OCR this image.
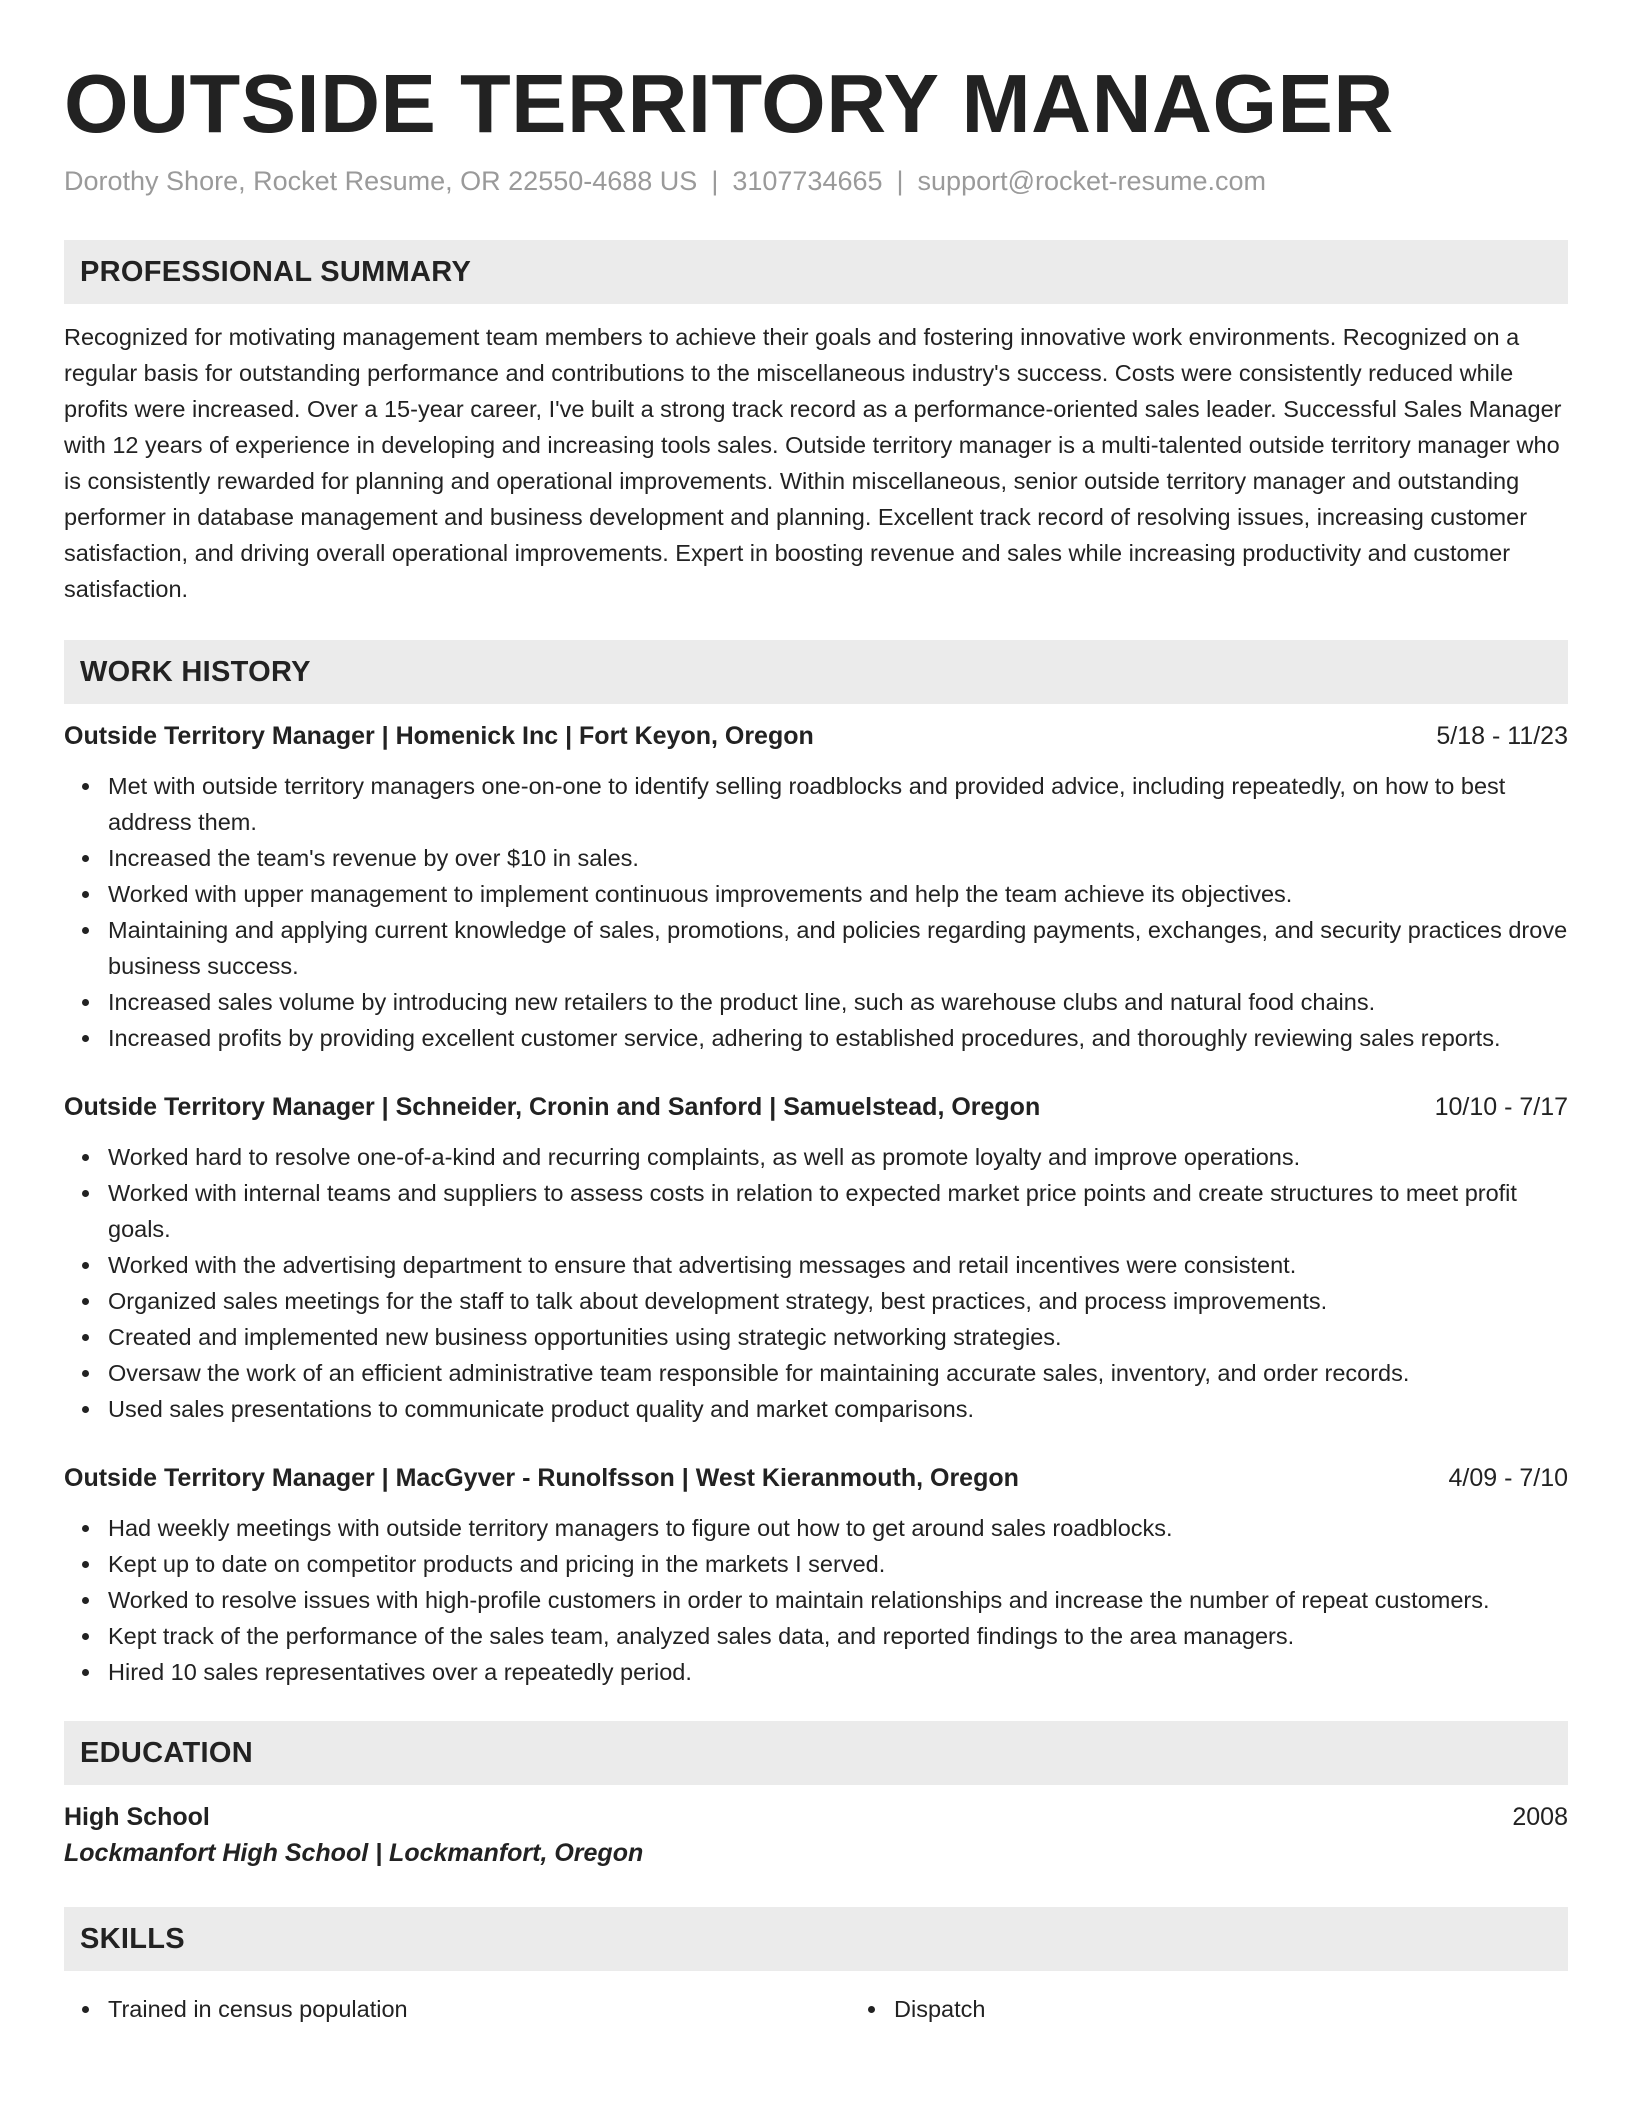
OUTSIDE TERRITORY MANAGER
Dorothy Shore, Rocket Resume, OR 22550-4688 US | 3107734665 | support@rocket-resume.com
PROFESSIONAL SUMMARY

Recognized for motivating management team members to achieve their goals and fostering innovative work environments. Recognized on a regular basis for outstanding performance and contributions to the miscellaneous industry's success. Costs were consistently reduced while profits were increased. Over a 15-year career, I've built a strong track record as a performance-oriented sales leader. Successful Sales Manager with 12 years of experience in developing and increasing tools sales. Outside territory manager is a multi-talented outside territory manager who is consistently rewarded for planning and operational improvements. Within miscellaneous, senior outside territory manager and outstanding performer in database management and business development and planning. Excellent track record of resolving issues, increasing customer satisfaction, and driving overall operational improvements. Expert in boosting revenue and sales while increasing productivity and customer satisfaction.

WORK HISTORY
Outside Territory Manager | Homenick Inc | Fort Keyon, Oregon	5/18 - 11/23
Met with outside territory managers one-on-one to identify selling roadblocks and provided advice, including repeatedly, on how to best address them.
Increased the team's revenue by over $10 in sales.
Worked with upper management to implement continuous improvements and help the team achieve its objectives.
Maintaining and applying current knowledge of sales, promotions, and policies regarding payments, exchanges, and security practices drove business success.
Increased sales volume by introducing new retailers to the product line, such as warehouse clubs and natural food chains.
Increased profits by providing excellent customer service, adhering to established procedures, and thoroughly reviewing sales reports.
Outside Territory Manager | Schneider, Cronin and Sanford | Samuelstead, Oregon	10/10 - 7/17
Worked hard to resolve one-of-a-kind and recurring complaints, as well as promote loyalty and improve operations.
Worked with internal teams and suppliers to assess costs in relation to expected market price points and create structures to meet profit goals.
Worked with the advertising department to ensure that advertising messages and retail incentives were consistent.
Organized sales meetings for the staff to talk about development strategy, best practices, and process improvements.
Created and implemented new business opportunities using strategic networking strategies.
Oversaw the work of an efficient administrative team responsible for maintaining accurate sales, inventory, and order records.
Used sales presentations to communicate product quality and market comparisons.
Outside Territory Manager | MacGyver - Runolfsson | West Kieranmouth, Oregon	4/09 - 7/10
Had weekly meetings with outside territory managers to figure out how to get around sales roadblocks.
Kept up to date on competitor products and pricing in the markets I served.
Worked to resolve issues with high-profile customers in order to maintain relationships and increase the number of repeat customers.
Kept track of the performance of the sales team, analyzed sales data, and reported findings to the area managers.
Hired 10 sales representatives over a repeatedly period.
EDUCATION
High School	2008
Lockmanfort High School | Lockmanfort, Oregon
SKILLS
Trained in census population	Dispatch
